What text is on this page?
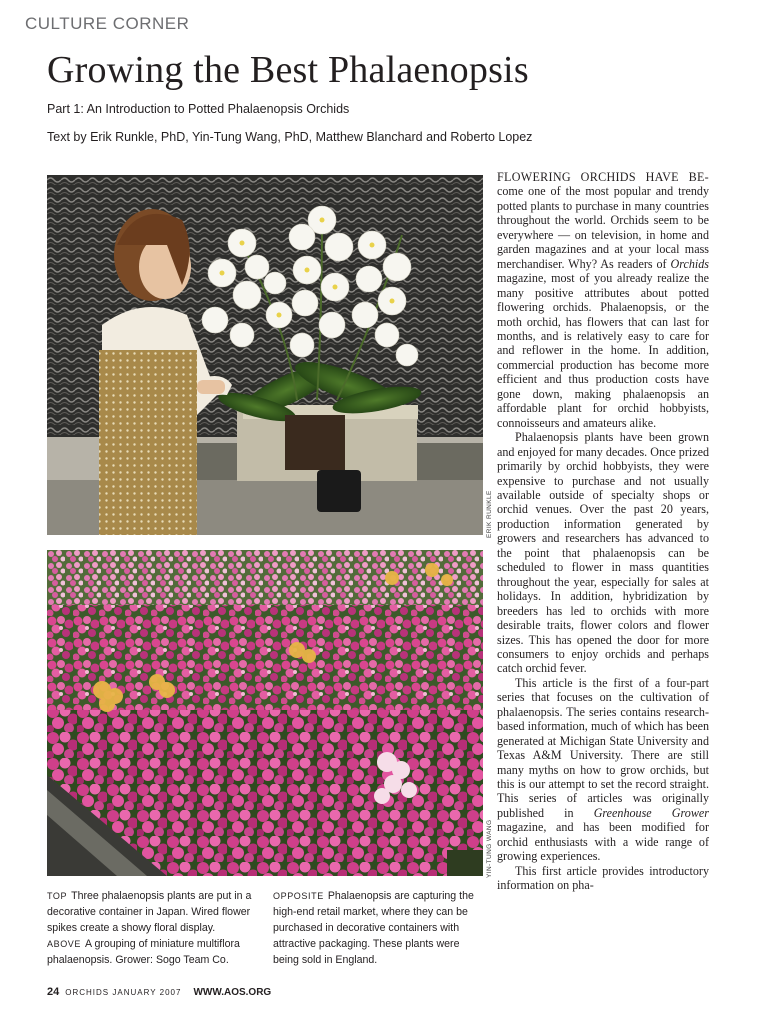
CULTURE CORNER
Growing the Best Phalaenopsis
Part 1: An Introduction to Potted Phalaenopsis Orchids
Text by Erik Runkle, PhD, Yin-Tung Wang, PhD, Matthew Blanchard and Roberto Lopez
ERIK RUNKLE
YIN-TUNG WANG

TOP Three phalaenopsis plants are put in a decorative container in Japan. Wired flower spikes create a showy floral display.

ABOVE A grouping of miniature multiflora phalaenopsis. Grower: Sogo Team Co.

OPPOSITE Phalaenopsis are capturing the high-end retail market, where they can be purchased in decorative containers with attractive packaging. These plants were being sold in England.

FLOWERING ORCHIDS HAVE BE- come one of the most popular and trendy potted plants to purchase in many countries throughout the world. Orchids seem to be everywhere — on television, in home and garden magazines and at your local mass merchandiser. Why? As readers of Orchids magazine, most of you already realize the many positive attributes about potted flowering orchids. Phalaenopsis, or the moth orchid, has flowers that can last for months, and is relatively easy to care for and reflower in the home. In addition, commercial production has become more efficient and thus production costs have gone down, making phalaenopsis an affordable plant for orchid hobbyists, connoisseurs and amateurs alike.

Phalaenopsis plants have been grown and enjoyed for many decades. Once prized primarily by orchid hobbyists, they were expensive to purchase and not usually available outside of specialty shops or orchid venues. Over the past 20 years, production information generated by growers and researchers has advanced to the point that phalaenopsis can be scheduled to flower in mass quantities throughout the year, especially for sales at holidays. In addition, hybridization by breeders has led to orchids with more desirable traits, flower colors and flower sizes. This has opened the door for more consumers to enjoy orchids and perhaps catch orchid fever.

This article is the first of a four-part series that focuses on the cultivation of phalaenopsis. The series contains research-based information, much of which has been generated at Michigan State University and Texas A&M University. There are still many myths on how to grow orchids, but this is our attempt to set the record straight. This series of articles was originally published in Greenhouse Grower magazine, and has been modified for orchid enthusiasts with a wide range of growing experiences.

This first article provides introductory information on pha-

24 ORCHIDS JANUARY 2007 WWW.AOS.ORG
